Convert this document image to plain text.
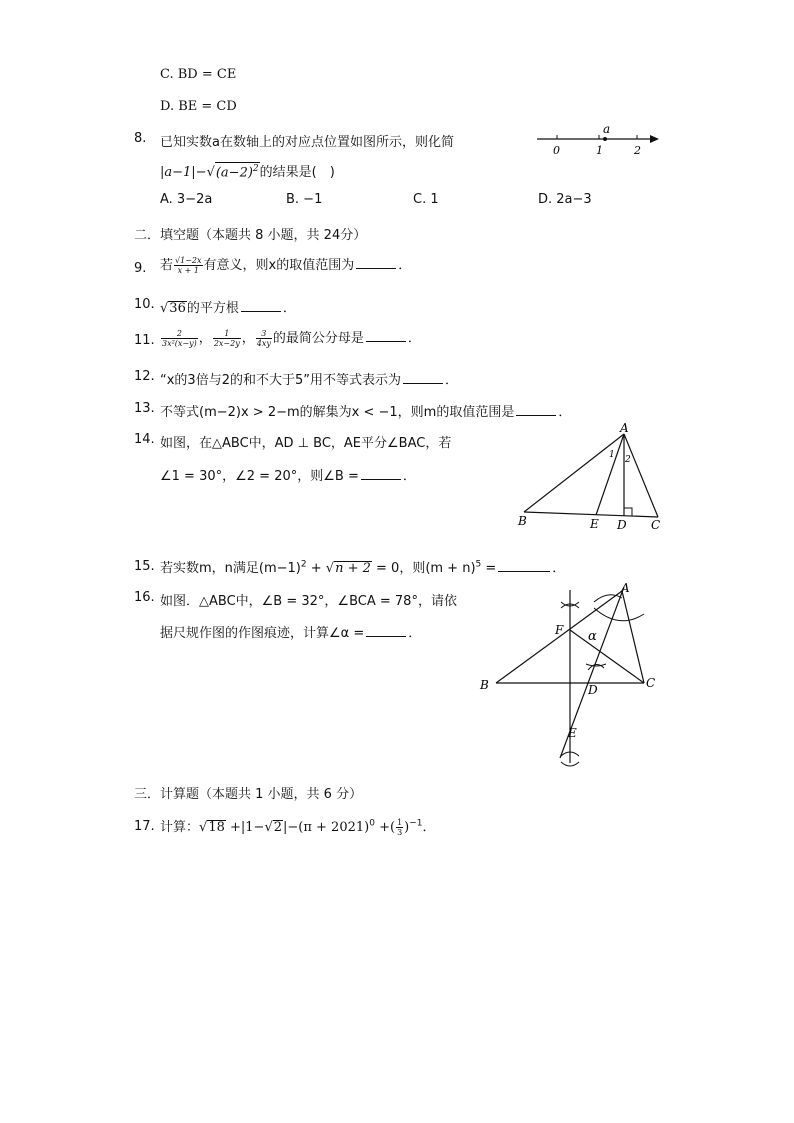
C. BD = CE
D. BE = CD
8. 已知实数a在数轴上的对应点位置如图所示，则化简
$|a-1|-√(a-2)^2$的结果是(　)
a
0	1	2
A. 3−2a	B. −1	C. 1	D. 2a−3
二．填空题（本题共 8 小题，共 24分）
9. 若 $\frac{√1-2x}{x + 1}$ 有意义，则x的取值范围为	．
10. √36的平方根	．
11. $\frac{2}{\text{3x²(x−y)}}$ ， $\frac{1}{2x-2y}$ ， $\frac{3}{4xy}$ 的最简公分母是	．
12. “x的3倍与2的和不大于5”用不等式表示为	．
13. 不等式(m−2)x > 2−m的解集为x < −1，则m的取值范围是	．
14. 如图，在△ABC中，AD ⊥ BC，AE平分∠BAC，若
∠1 = 30°，∠2 = 20°，则∠B =	．
A
B	C
D
E
1 2
15. 若实数m，n满足$(m-1)^2 + √n + 2 = 0$，则$(m + n)^5$ =	．
16. 如图．△ABC中，∠B = 32°，∠BCA = 78°，请依
据尺规作图的作图痕迹，计算∠α =	．
A
B	C
D
E
F α
三．计算题（本题共 1 小题，共 6 分）
17. 计算：$√18 +|1-√2|-(\pi + 2021)^0$ +( $\frac{1}{3} )^{-1}$．
